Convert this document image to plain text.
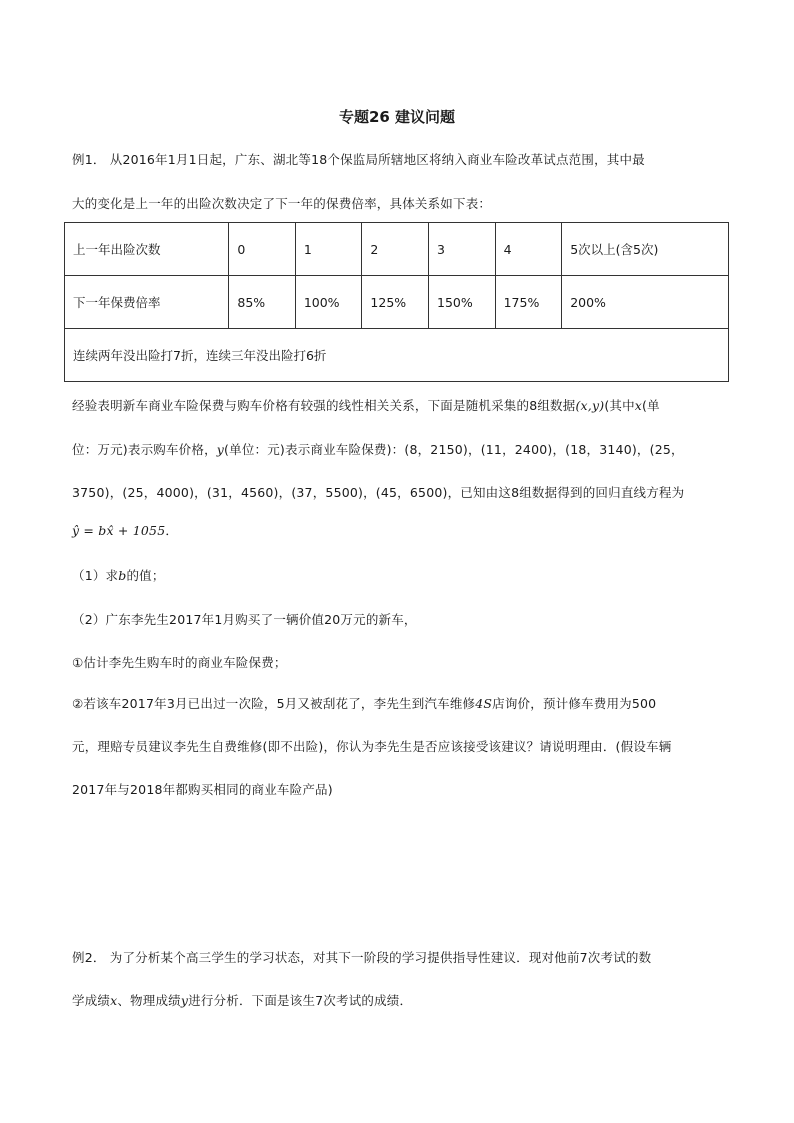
专题26 建议问题
例1． 从2016年1月1日起，广东、湖北等18个保监局所辖地区将纳入商业车险改革试点范围，其中最
大的变化是上一年的出险次数决定了下一年的保费倍率，具体关系如下表：
上一年出险次数	0	1	2	3	4	5次以上(含5次)
下一年保费倍率	85%	100%	125%	150%	175%	200%
连续两年没出险打7折，连续三年没出险打6折						
经验表明新车商业车险保费与购车价格有较强的线性相关关系，下面是随机采集的8组数据(x,y)(其中x(单
位：万元)表示购车价格，y(单位：元)表示商业车险保费)：(8，2150)，(11，2400)，(18，3140)，(25，
3750)，(25，4000)，(31，4560)，(37，5500)，(45，6500)，已知由这8组数据得到的回归直线方程为
ŷ = bx̂ + 1055．
（1）求b的值；
（2）广东李先生2017年1月购买了一辆价值20万元的新车，
①估计李先生购车时的商业车险保费；
②若该车2017年3月已出过一次险，5月又被刮花了，李先生到汽车维修4S店询价，预计修车费用为500
元，理赔专员建议李先生自费维修(即不出险)，你认为李先生是否应该接受该建议？请说明理由．(假设车辆
2017年与2018年都购买相同的商业车险产品)
例2． 为了分析某个高三学生的学习状态，对其下一阶段的学习提供指导性建议．现对他前7次考试的数
学成绩x、物理成绩y进行分析．下面是该生7次考试的成绩．
